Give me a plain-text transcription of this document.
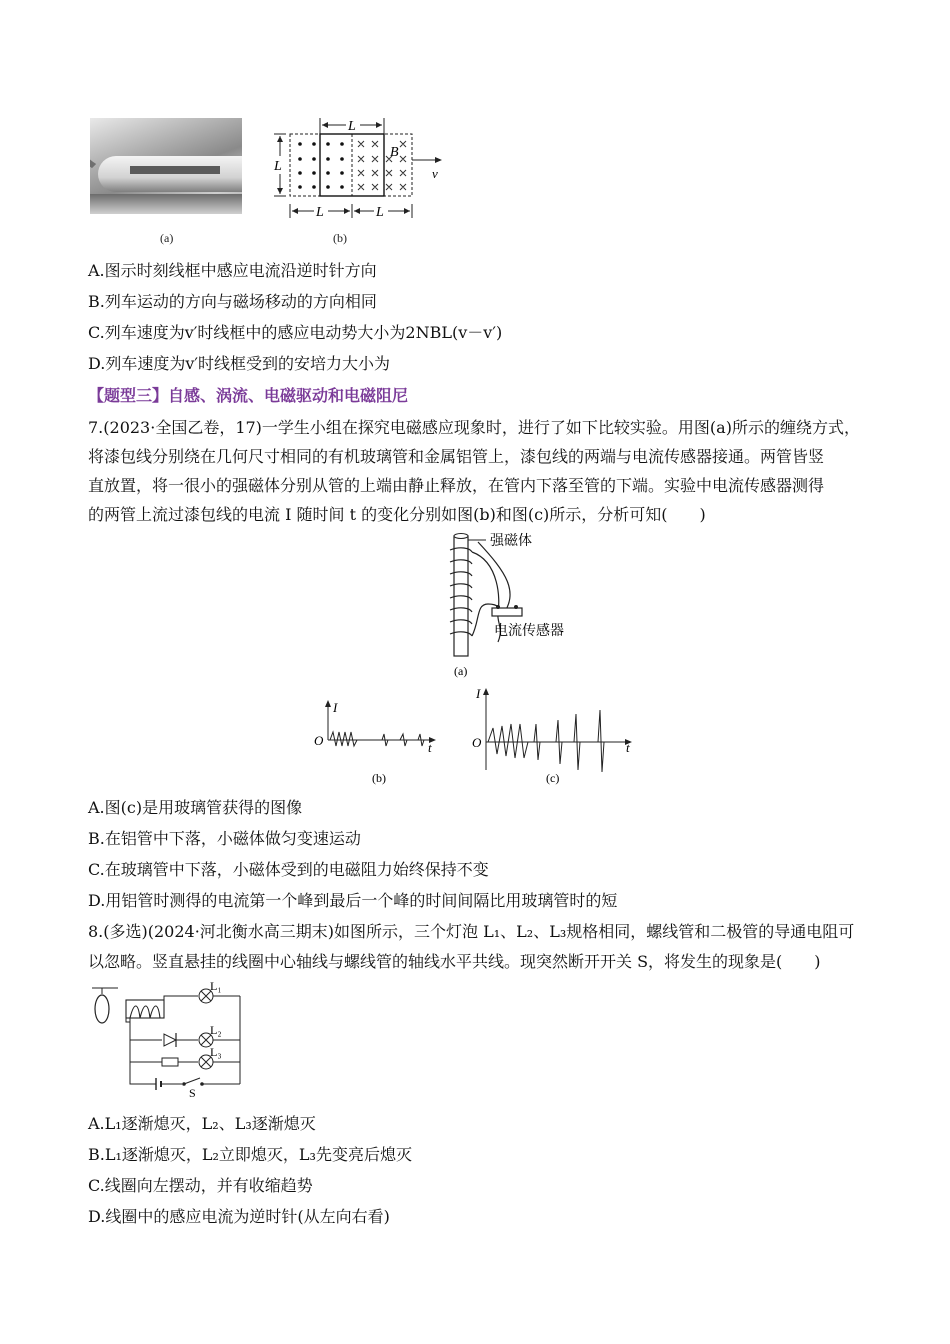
(a)
L
L
B
v
L	L
(b)
A.图示时刻线框中感应电流沿逆时针方向
B.列车运动的方向与磁场移动的方向相同
C.列车速度为v′时线框中的感应电动势大小为2NBL(v－v′)
D.列车速度为v′时线框受到的安培力大小为
【题型三】自感、涡流、电磁驱动和电磁阻尼
7.(2023·全国乙卷，17)一学生小组在探究电磁感应现象时，进行了如下比较实验。用图(a)所示的缠绕方式，
将漆包线分别绕在几何尺寸相同的有机玻璃管和金属铝管上，漆包线的两端与电流传感器接通。两管皆竖
直放置，将一很小的强磁体分别从管的上端由静止释放，在管内下落至管的下端。实验中电流传感器测得
的两管上流过漆包线的电流 I 随时间 t 的变化分别如图(b)和图(c)所示，分析可知(　　)
强磁体
电流传感器
(a)
I
O	t
(b)
I
O	t
(c)
A.图(c)是用玻璃管获得的图像
B.在铝管中下落，小磁体做匀变速运动
C.在玻璃管中下落，小磁体受到的电磁阻力始终保持不变
D.用铝管时测得的电流第一个峰到最后一个峰的时间间隔比用玻璃管时的短
8.(多选)(2024·河北衡水高三期末)如图所示，三个灯泡 L₁、L₂、L₃规格相同，螺线管和二极管的导通电阻可
以忽略。竖直悬挂的线圈中心轴线与螺线管的轴线水平共线。现突然断开开关 S，将发生的现象是(　　)
L₁
L₂
L₃
S
A.L₁逐渐熄灭，L₂、L₃逐渐熄灭
B.L₁逐渐熄灭，L₂立即熄灭，L₃先变亮后熄灭
C.线圈向左摆动，并有收缩趋势
D.线圈中的感应电流为逆时针(从左向右看)
